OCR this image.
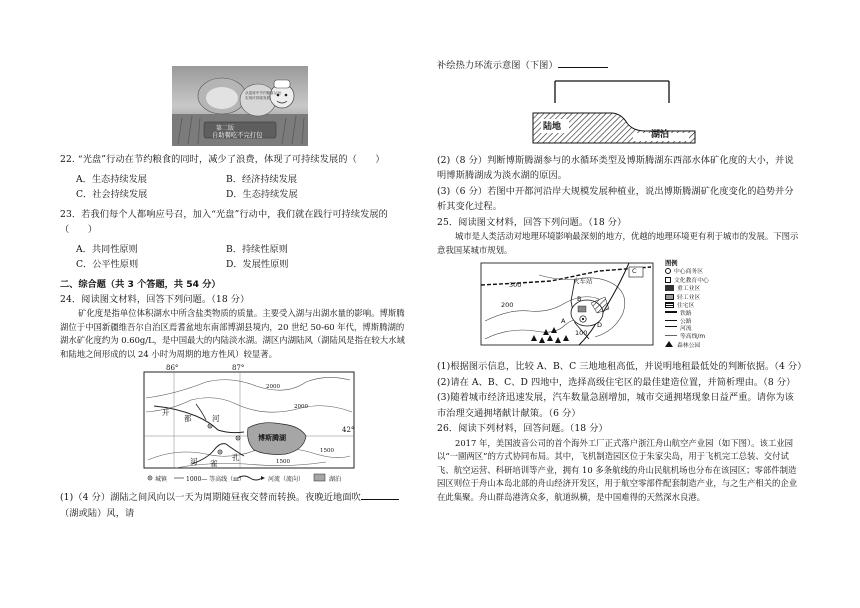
第二版
自助餐吃不完打包
从宴席中节约粮食从而实现可持续发展
22. “光盘”行动在节约粮食的同时，减少了浪费，体现了可持续发展的（　　）
A．生态持续发展	B．经济持续发展
C．社会持续发展	D．生态持续发展
23．若我们每个人都响应号召，加入“光盘”行动中，我们就在践行可持续发展的（　　）
A．共同性原则	B．持续性原则
C．公平性原则	D．发展性原则
二、综合题（共 3 个答题，共 54 分）
24．阅读图文材料，回答下列问题。（18 分）
矿化度是指单位体积湖水中所含盐类物质的质量。主要受入湖与出湖水量的影响。博斯腾湖位于中国新疆维吾尔自治区焉耆盆地东南部博湖县境内，20 世纪 50-60 年代，博斯腾湖的湖水矿化度约为 0.60g/L，是中国最大的内陆淡水湖。湖区内湖陆风（湖陆风是指在较大水域和陆地之间形成的以 24 小时为周期的地方性风）较显著。
86°	87°
42°
开
都	河
孔
雀
河
博斯腾湖
2000
2000
1500
1500
城镇	1000— 等高线（m）	河流（流向）	湖泊
(1)（4 分）湖陆之间风向以一天为周期随昼夜交替而转换。夜晚近地面吹（湖或陆）风，请
补绘热力环流示意图（下图）
陆地
湖泊
(2)（8 分）判断博斯腾湖参与的水循环类型及博斯腾湖东西部水体矿化度的大小，并说明博斯腾湖成为淡水湖的原因。
(3)（6 分）若图中开都河沿岸大规模发展种植业，说出博斯腾湖矿化度变化的趋势并分析其变化过程。
25．阅读图文材料，回答下列问题。（18 分）
城市是人类活动对地理环境影响最深刻的地方，优越的地理环境更有利于城市的发展。下图示意我国某城市规划。
火车站
300
200
100
A
B
C
D
图例
中心商务区
文化教育中心
重工业区
轻工业区
住宅区
铁路
公路
河流
等高线/m
森林公园
(1)根据图示信息，比较 A、B、C 三地地租高低，并说明地租最低处的判断依据。（4 分）
(2)请在 A、B、C、D 四地中，选择高级住宅区的最佳建造位置，并简析理由。（8 分）
(3)随着城市经济迅速发展，汽车数量急剧增加，城市交通拥堵现象日益严重。请你为该市治理交通拥堵献计献策。（6 分）
26．阅读下列材料，回答问题。（18 分）
2017 年，美国波音公司的首个海外工厂正式落户浙江舟山航空产业园（如下图）。该工业园以“一園两区”的方式协同布局。其中，飞机制造园区位于朱家尖岛，用于飞机完工总装、交付试飞、航空运营、科研培训等产业，拥有 10 多条航线的舟山民航机场也分布在该园区；零部件制造园区则位于舟山本岛北部的舟山经济开发区，用于航空零部件配套制造产业，与之生产相关的企业在此集聚。舟山群岛港湾众多，航道纵横，是中国难得的天然深水良港。
